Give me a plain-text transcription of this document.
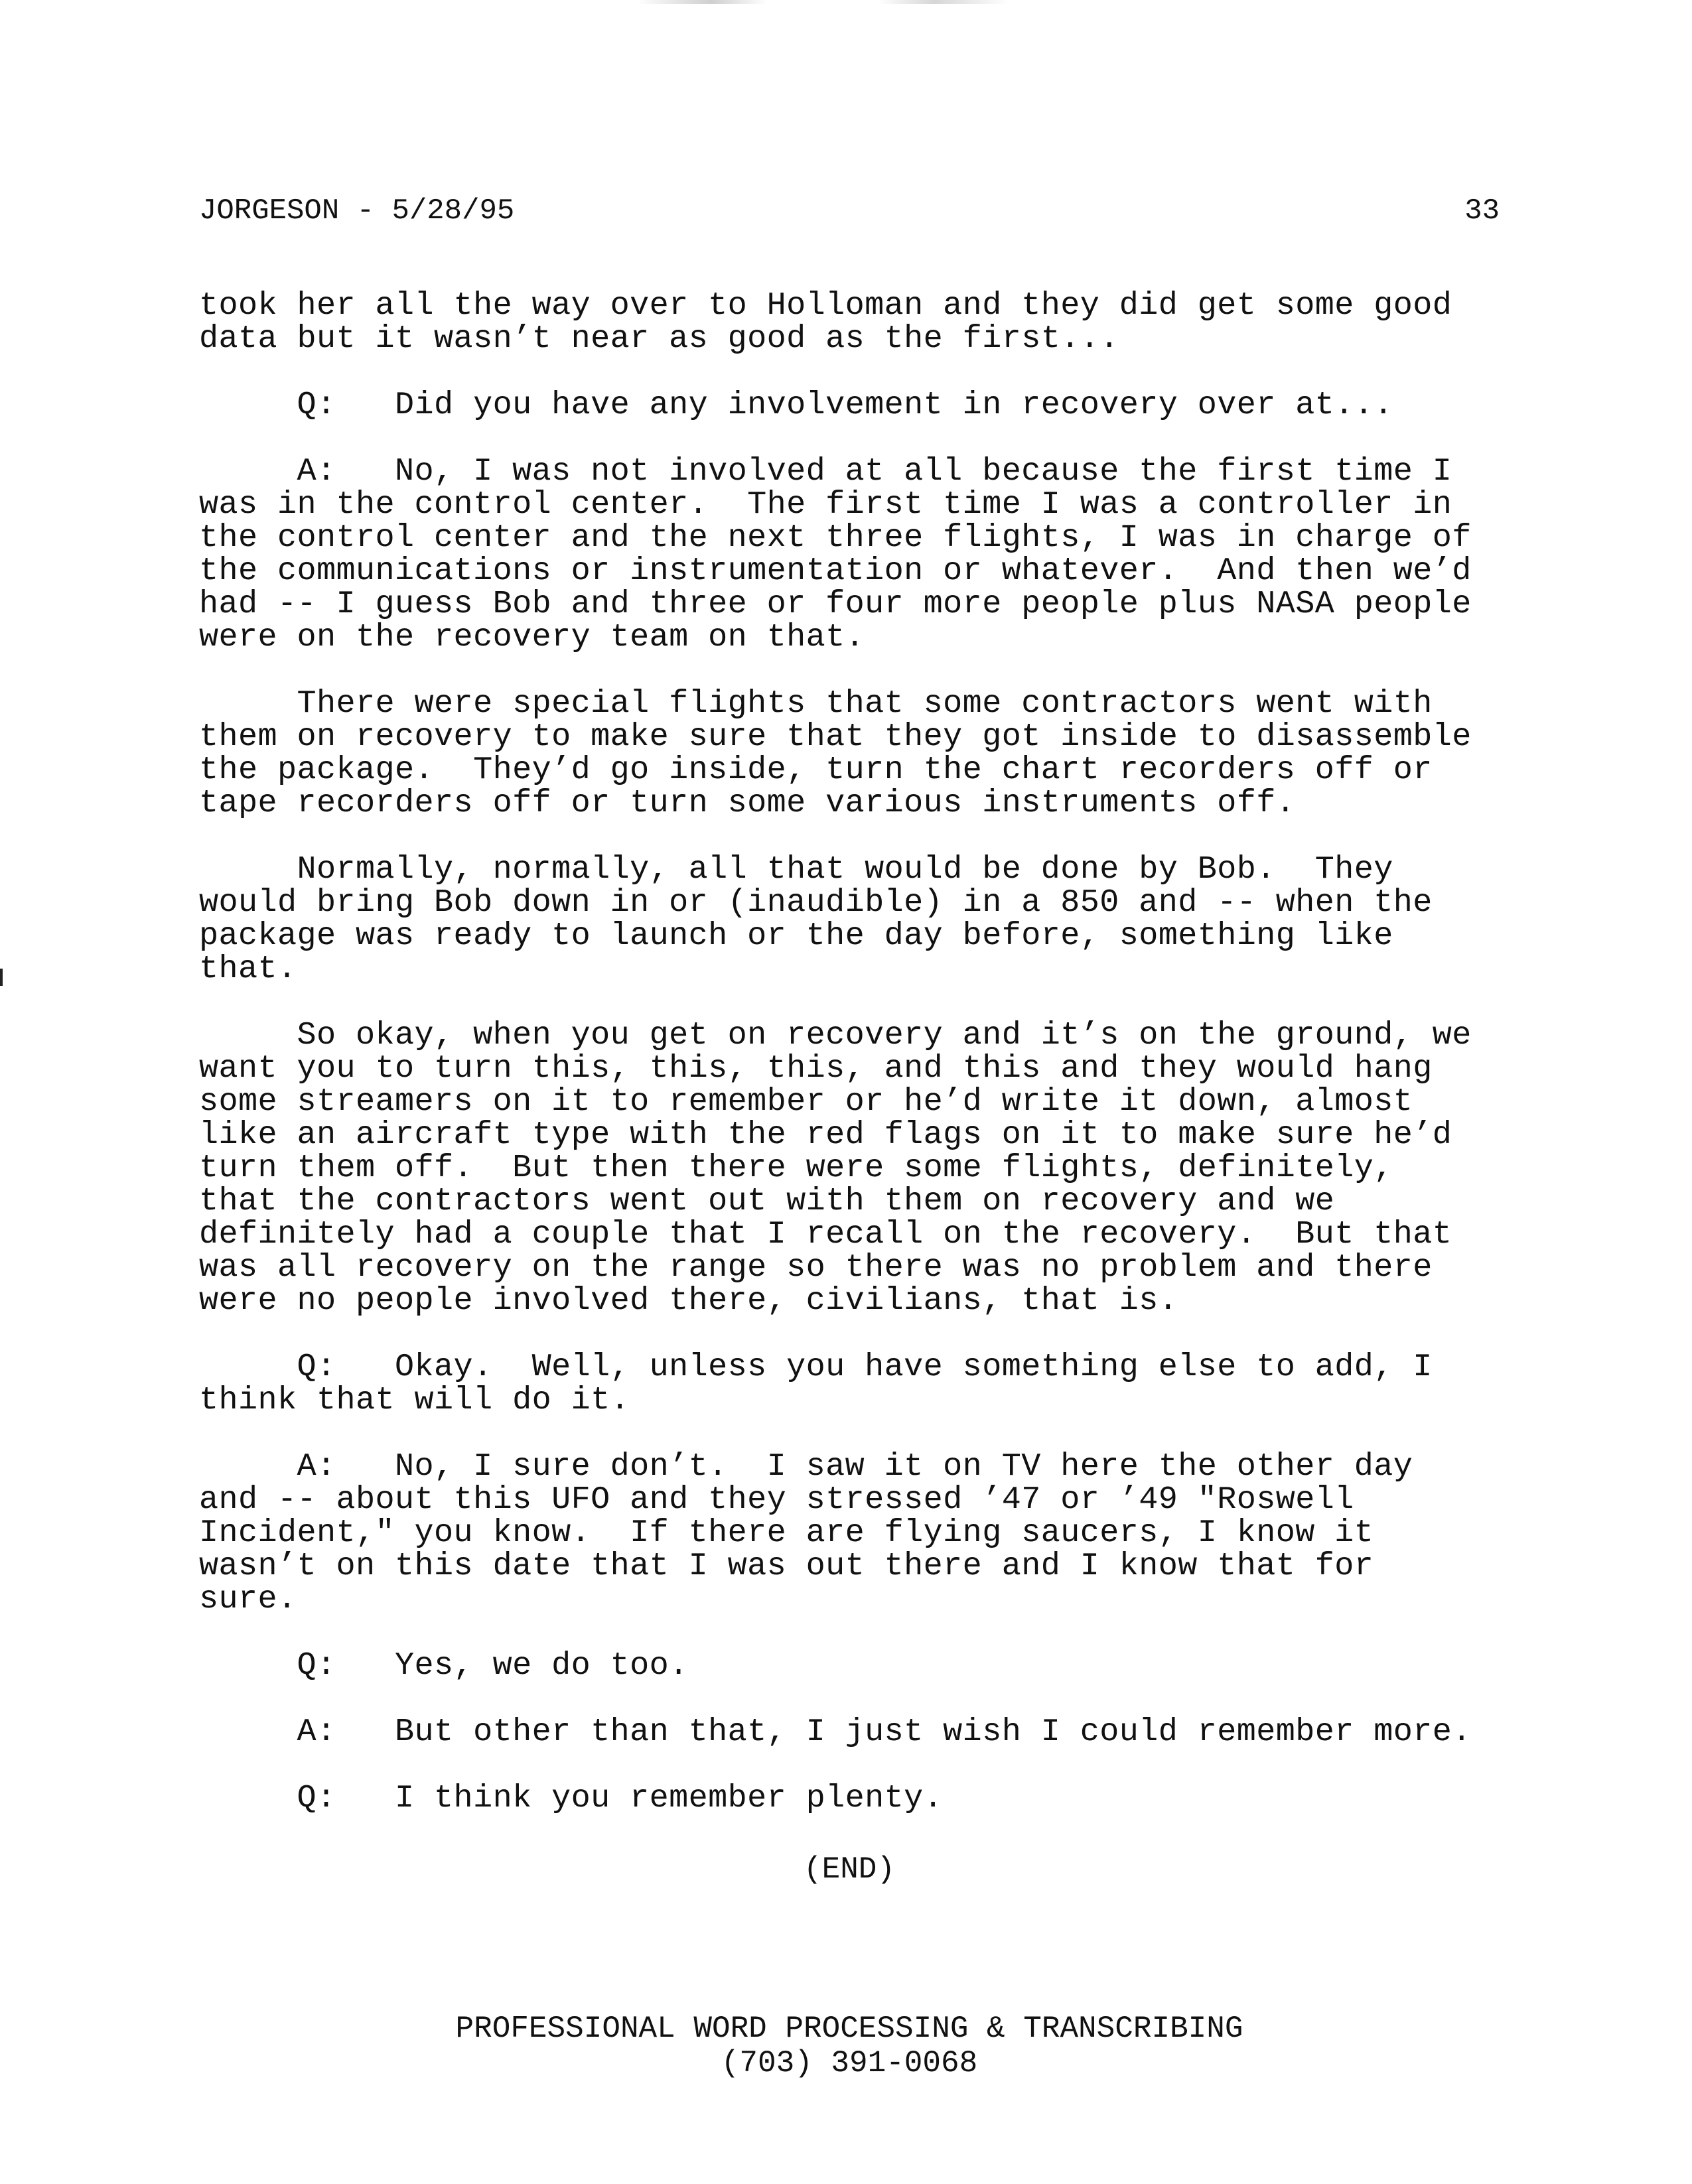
JORGESON - 5/28/95	33
took her all the way over to Holloman and they did get some good
data but it wasn’t near as good as the first...
Q:   Did you have any involvement in recovery over at...
A:   No, I was not involved at all because the first time I
was in the control center.  The first time I was a controller in
the control center and the next three flights, I was in charge of
the communications or instrumentation or whatever.  And then we’d
had -- I guess Bob and three or four more people plus NASA people
were on the recovery team on that.
There were special flights that some contractors went with
them on recovery to make sure that they got inside to disassemble
the package.  They’d go inside, turn the chart recorders off or
tape recorders off or turn some various instruments off.
Normally, normally, all that would be done by Bob.  They
would bring Bob down in or (inaudible) in a 850 and -- when the
package was ready to launch or the day before, something like
that.
So okay, when you get on recovery and it’s on the ground, we
want you to turn this, this, this, and this and they would hang
some streamers on it to remember or he’d write it down, almost
like an aircraft type with the red flags on it to make sure he’d
turn them off.  But then there were some flights, definitely,
that the contractors went out with them on recovery and we
definitely had a couple that I recall on the recovery.  But that
was all recovery on the range so there was no problem and there
were no people involved there, civilians, that is.
Q:   Okay.  Well, unless you have something else to add, I
think that will do it.
A:   No, I sure don’t.  I saw it on TV here the other day
and -- about this UFO and they stressed ’47 or ’49 "Roswell
Incident," you know.  If there are flying saucers, I know it
wasn’t on this date that I was out there and I know that for
sure.
Q:   Yes, we do too.
A:   But other than that, I just wish I could remember more.
Q:   I think you remember plenty.
(END)
PROFESSIONAL WORD PROCESSING & TRANSCRIBING
(703) 391-0068
